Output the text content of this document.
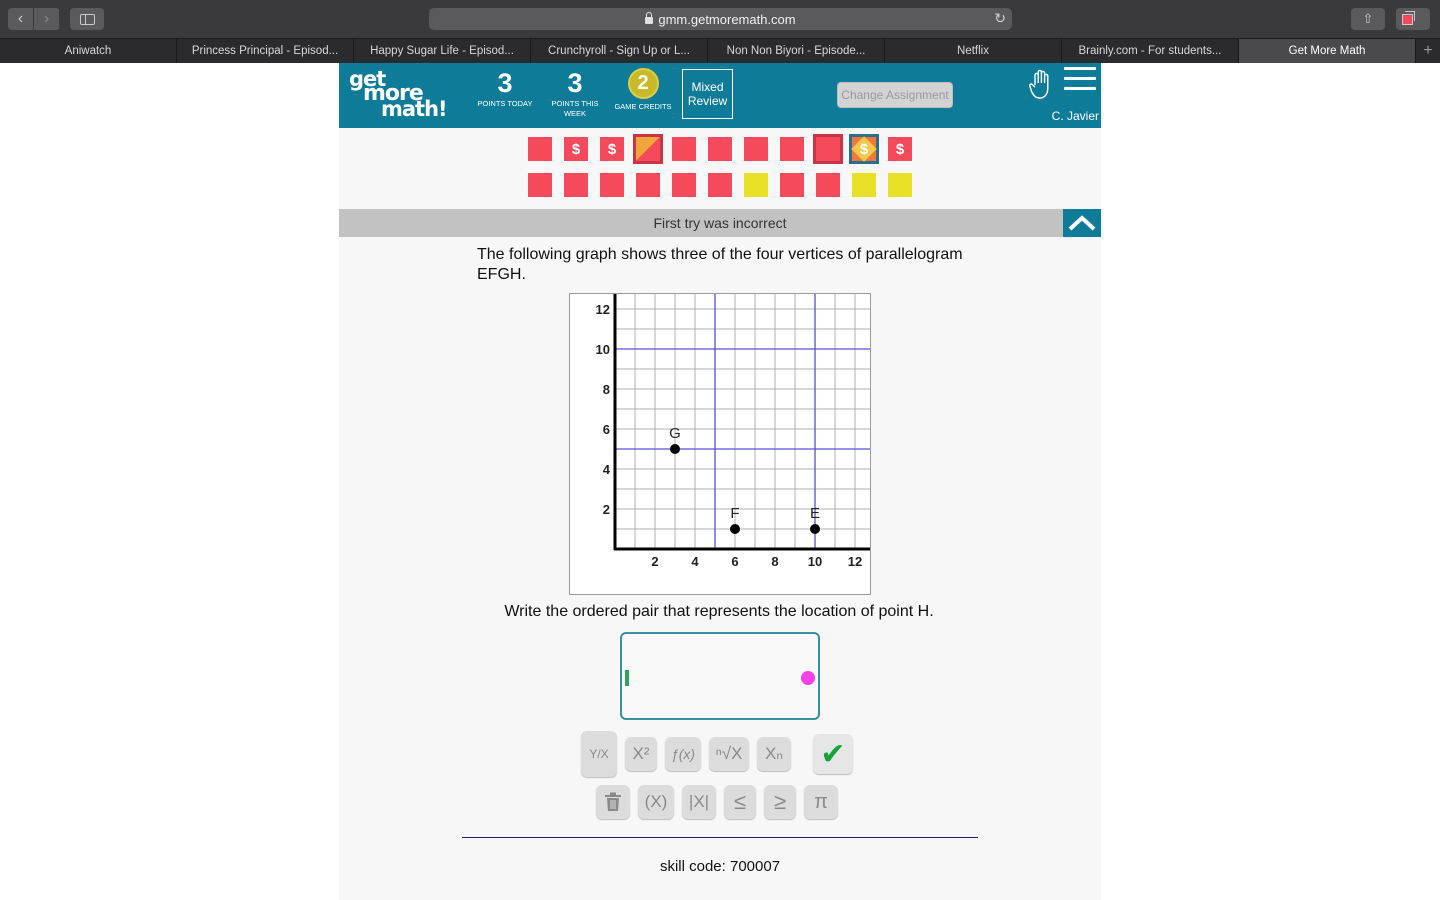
‹	›	gmm.getmoremath.com	↻	⇧
Aniwatch	Princess Principal - Episod...	Happy Sugar Life - Episod...	Crunchyroll - Sign Up or L...	Non Non Biyori - Episode...	Netflix	Brainly.com - For students...	Get More Math	+
get
more
math!
3
POINTS TODAY
3
POINTS THIS WEEK
2
GAME CREDITS
Mixed Review	Change Assignment
C. Javier
$ $	$ $
First try was incorrect
The following graph shows three of the four vertices of parallelogram EFGH.
2	4	6	8 10 12
2
4
6
8
10
12
G
F	E
Write the ordered pair that represents the location of point H.
Y/X	X²	ƒ(x)	ⁿ√X	Xₙ ✔
(X)	|X|	≤	≥	π
skill code: 700007
